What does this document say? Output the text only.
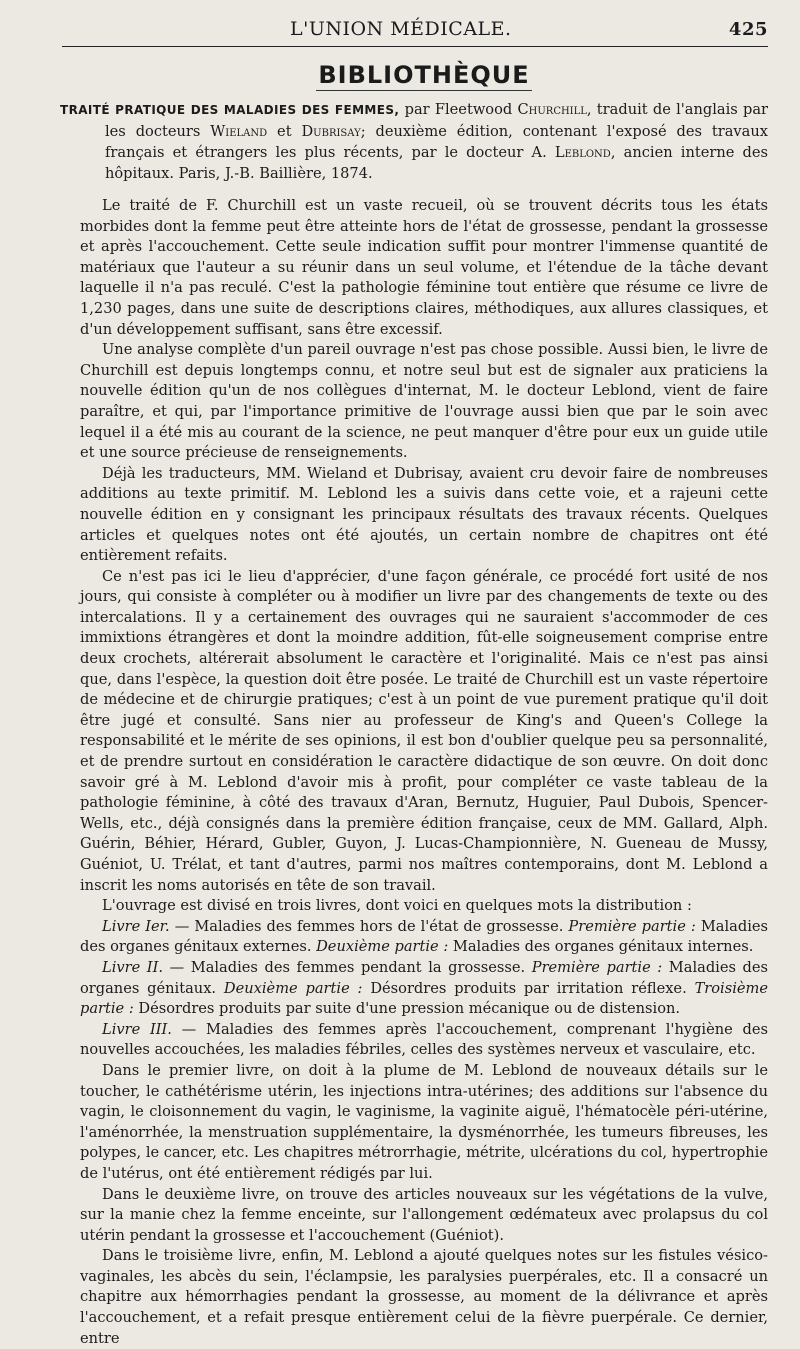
L'UNION MÉDICALE.	425
BIBLIOTHÈQUE
TRAITÉ PRATIQUE DES MALADIES DES FEMMES, par Fleetwood Churchill, traduit de l'anglais par les docteurs Wieland et Dubrisay; deuxième édition, contenant l'exposé des travaux français et étrangers les plus récents, par le docteur A. Leblond, ancien interne des hôpitaux. Paris, J.-B. Baillière, 1874.

Le traité de F. Churchill est un vaste recueil, où se trouvent décrits tous les états morbides dont la femme peut être atteinte hors de l'état de grossesse, pendant la grossesse et après l'accouchement. Cette seule indication suffit pour montrer l'immense quantité de matériaux que l'auteur a su réunir dans un seul volume, et l'étendue de la tâche devant laquelle il n'a pas reculé. C'est la pathologie féminine tout entière que résume ce livre de 1,230 pages, dans une suite de descriptions claires, méthodiques, aux allures classiques, et d'un développement suffisant, sans être excessif.

Une analyse complète d'un pareil ouvrage n'est pas chose possible. Aussi bien, le livre de Churchill est depuis longtemps connu, et notre seul but est de signaler aux praticiens la nouvelle édition qu'un de nos collègues d'internat, M. le docteur Leblond, vient de faire paraître, et qui, par l'importance primitive de l'ouvrage aussi bien que par le soin avec lequel il a été mis au courant de la science, ne peut manquer d'être pour eux un guide utile et une source précieuse de renseignements.

Déjà les traducteurs, MM. Wieland et Dubrisay, avaient cru devoir faire de nombreuses additions au texte primitif. M. Leblond les a suivis dans cette voie, et a rajeuni cette nouvelle édition en y consignant les principaux résultats des travaux récents. Quelques articles et quelques notes ont été ajoutés, un certain nombre de chapitres ont été entièrement refaits.

Ce n'est pas ici le lieu d'apprécier, d'une façon générale, ce procédé fort usité de nos jours, qui consiste à compléter ou à modifier un livre par des changements de texte ou des intercalations. Il y a certainement des ouvrages qui ne sauraient s'accommoder de ces immixtions étrangères et dont la moindre addition, fût-elle soigneusement comprise entre deux crochets, altérerait absolument le caractère et l'originalité. Mais ce n'est pas ainsi que, dans l'espèce, la question doit être posée. Le traité de Churchill est un vaste répertoire de médecine et de chirurgie pratiques; c'est à un point de vue purement pratique qu'il doit être jugé et consulté. Sans nier au professeur de King's and Queen's College la responsabilité et le mérite de ses opinions, il est bon d'oublier quelque peu sa personnalité, et de prendre surtout en considération le caractère didactique de son œuvre. On doit donc savoir gré à M. Leblond d'avoir mis à profit, pour compléter ce vaste tableau de la pathologie féminine, à côté des travaux d'Aran, Bernutz, Huguier, Paul Dubois, Spencer-Wells, etc., déjà consignés dans la première édition française, ceux de MM. Gallard, Alph. Guérin, Béhier, Hérard, Gubler, Guyon, J. Lucas-Championnière, N. Gueneau de Mussy, Guéniot, U. Trélat, et tant d'autres, parmi nos maîtres contemporains, dont M. Leblond a inscrit les noms autorisés en tête de son travail.

L'ouvrage est divisé en trois livres, dont voici en quelques mots la distribution :

Livre Ier. — Maladies des femmes hors de l'état de grossesse. Première partie : Maladies des organes génitaux externes. Deuxième partie : Maladies des organes génitaux internes.

Livre II. — Maladies des femmes pendant la grossesse. Première partie : Maladies des organes génitaux. Deuxième partie : Désordres produits par irritation réflexe. Troisième partie : Désordres produits par suite d'une pression mécanique ou de distension.

Livre III. — Maladies des femmes après l'accouchement, comprenant l'hygiène des nouvelles accouchées, les maladies fébriles, celles des systèmes nerveux et vasculaire, etc.

Dans le premier livre, on doit à la plume de M. Leblond de nouveaux détails sur le toucher, le cathétérisme utérin, les injections intra-utérines; des additions sur l'absence du vagin, le cloisonnement du vagin, le vaginisme, la vaginite aiguë, l'hématocèle péri-utérine, l'aménorrhée, la menstruation supplémentaire, la dysménorrhée, les tumeurs fibreuses, les polypes, le cancer, etc. Les chapitres métrorrhagie, métrite, ulcérations du col, hypertrophie de l'utérus, ont été entièrement rédigés par lui.

Dans le deuxième livre, on trouve des articles nouveaux sur les végétations de la vulve, sur la manie chez la femme enceinte, sur l'allongement œdémateux avec prolapsus du col utérin pendant la grossesse et l'accouchement (Guéniot).

Dans le troisième livre, enfin, M. Leblond a ajouté quelques notes sur les fistules vésico-vaginales, les abcès du sein, l'éclampsie, les paralysies puerpérales, etc. Il a consacré un chapitre aux hémorrhagies pendant la grossesse, au moment de la délivrance et après l'accouchement, et a refait presque entièrement celui de la fièvre puerpérale. Ce dernier, entre
